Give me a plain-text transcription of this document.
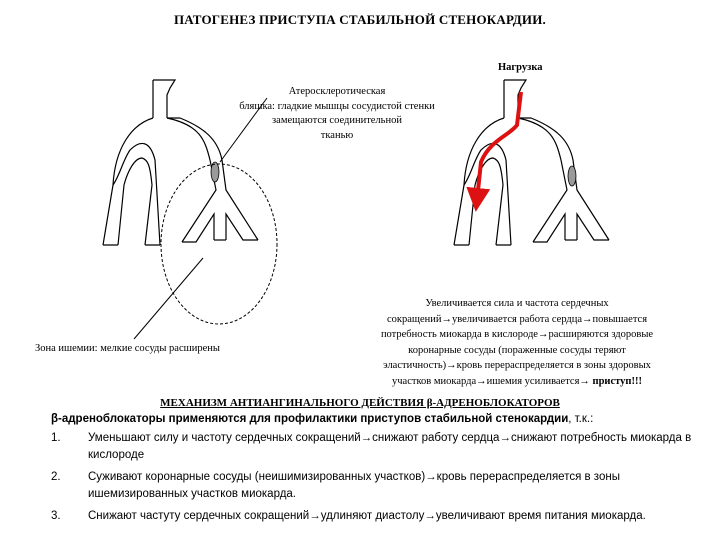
ПАТОГЕНЕЗ ПРИСТУПА СТАБИЛЬНОЙ СТЕНОКАРДИИ.
Нагрузка
Атеросклеротическая
бляшка: гладкие мышцы сосудистой стенки
замещаются соединительной
тканью
Зона ишемии: мелкие сосуды расширены
Увеличивается сила и частота сердечных
сокращений→увеличивается работа сердца→повышается
потребность миокарда в кислороде→расширяются здоровые
коронарные сосуды (пораженные сосуды теряют
эластичность)→кровь перераспределяется в зоны здоровых
участков миокарда→ишемия усиливается→ приступ!!!
МЕХАНИЗМ АНТИАНГИНАЛЬНОГО ДЕЙСТВИЯ β-АДРЕНОБЛОКАТОРОВ
β-адреноблокаторы применяются для профилактики приступов стабильной стенокардии, т.к.:
1. Уменьшают силу и частоту сердечных сокращений→снижают работу сердца→снижают потребность миокарда в кислороде
2. Суживают коронарные сосуды (неишимизированных участков)→кровь перераспределяется в зоны ишемизированных участков миокарда.
3. Снижают частуту сердечных сокращений→удлиняют диастолу→увеличивают время питания миокарда.
